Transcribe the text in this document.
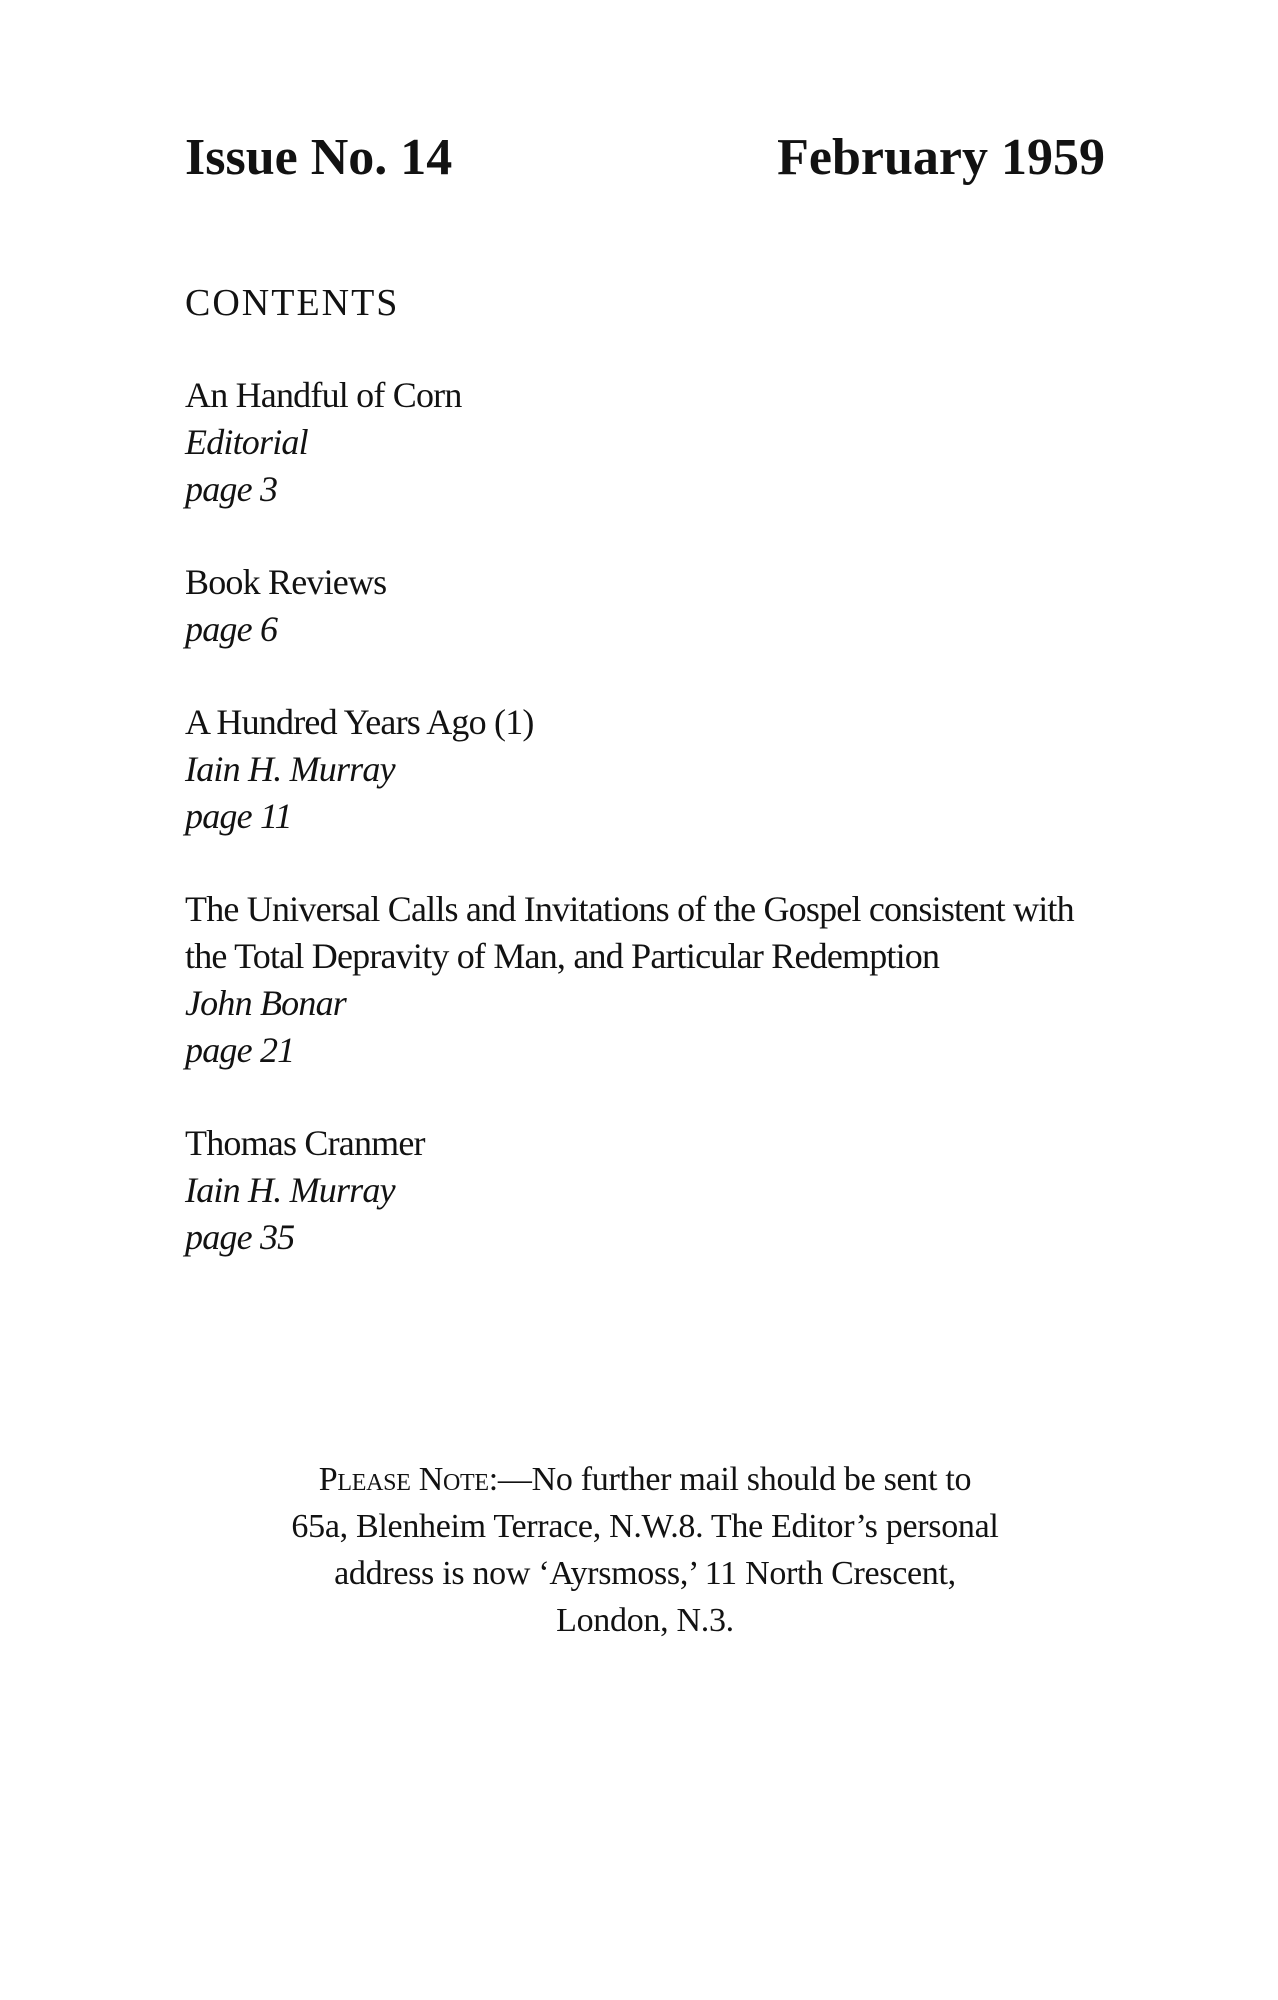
Issue No. 14	February 1959
CONTENTS
An Handful of Corn
Editorial
page 3
Book Reviews
page 6
A Hundred Years Ago (1)
Iain H. Murray
page 11
The Universal Calls and Invitations of the Gospel consistent with the Total Depravity of Man, and Particular Redemption
John Bonar
page 21
Thomas Cranmer
Iain H. Murray
page 35

Please Note:—No further mail should be sent to 65a, Blenheim Terrace, N.W.8. The Editor’s personal address is now ‘Ayrsmoss,’ 11 North Crescent, London, N.3.
